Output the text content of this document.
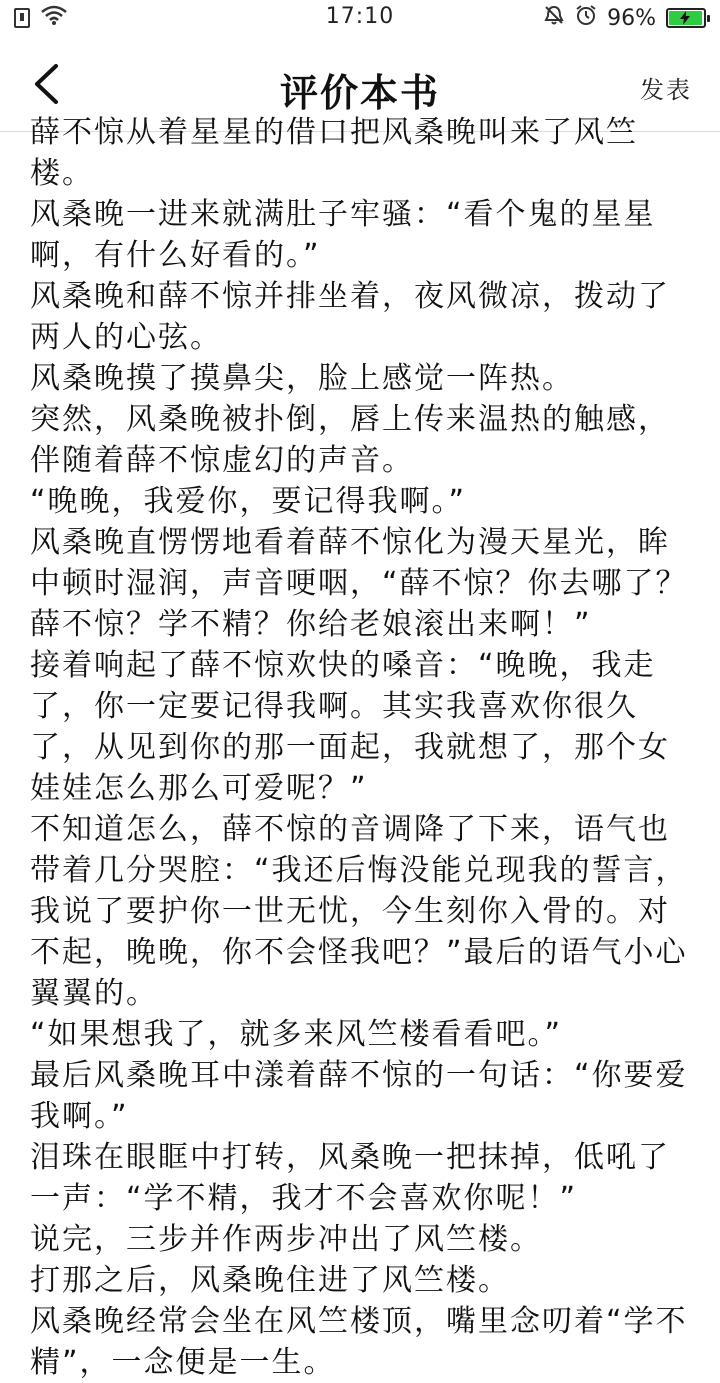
17:10	96%
评价本书	发表

薛不惊从着星星的借口把风桑晚叫来了风竺楼。

风桑晚一进来就满肚子牢骚：“看个鬼的星星啊，有什么好看的。”

风桑晚和薛不惊并排坐着，夜风微凉，拨动了两人的心弦。

风桑晚摸了摸鼻尖，脸上感觉一阵热。

突然，风桑晚被扑倒，唇上传来温热的触感，伴随着薛不惊虚幻的声音。

“晚晚，我爱你，要记得我啊。”

风桑晚直愣愣地看着薛不惊化为漫天星光，眸中顿时湿润，声音哽咽，“薛不惊？你去哪了？薛不惊？学不精？你给老娘滚出来啊！”

接着响起了薛不惊欢快的嗓音：“晚晚，我走了，你一定要记得我啊。其实我喜欢你很久了，从见到你的那一面起，我就想了，那个女娃娃怎么那么可爱呢？”

不知道怎么，薛不惊的音调降了下来，语气也带着几分哭腔：“我还后悔没能兑现我的誓言，我说了要护你一世无忧，今生刻你入骨的。对不起，晚晚，你不会怪我吧？”最后的语气小心翼翼的。

“如果想我了，就多来风竺楼看看吧。”

最后风桑晚耳中漾着薛不惊的一句话：“你要爱我啊。”

泪珠在眼眶中打转，风桑晚一把抹掉，低吼了一声：“学不精，我才不会喜欢你呢！”

说完，三步并作两步冲出了风竺楼。

打那之后，风桑晚住进了风竺楼。

风桑晚经常会坐在风竺楼顶，嘴里念叨着“学不精”，一念便是一生。
